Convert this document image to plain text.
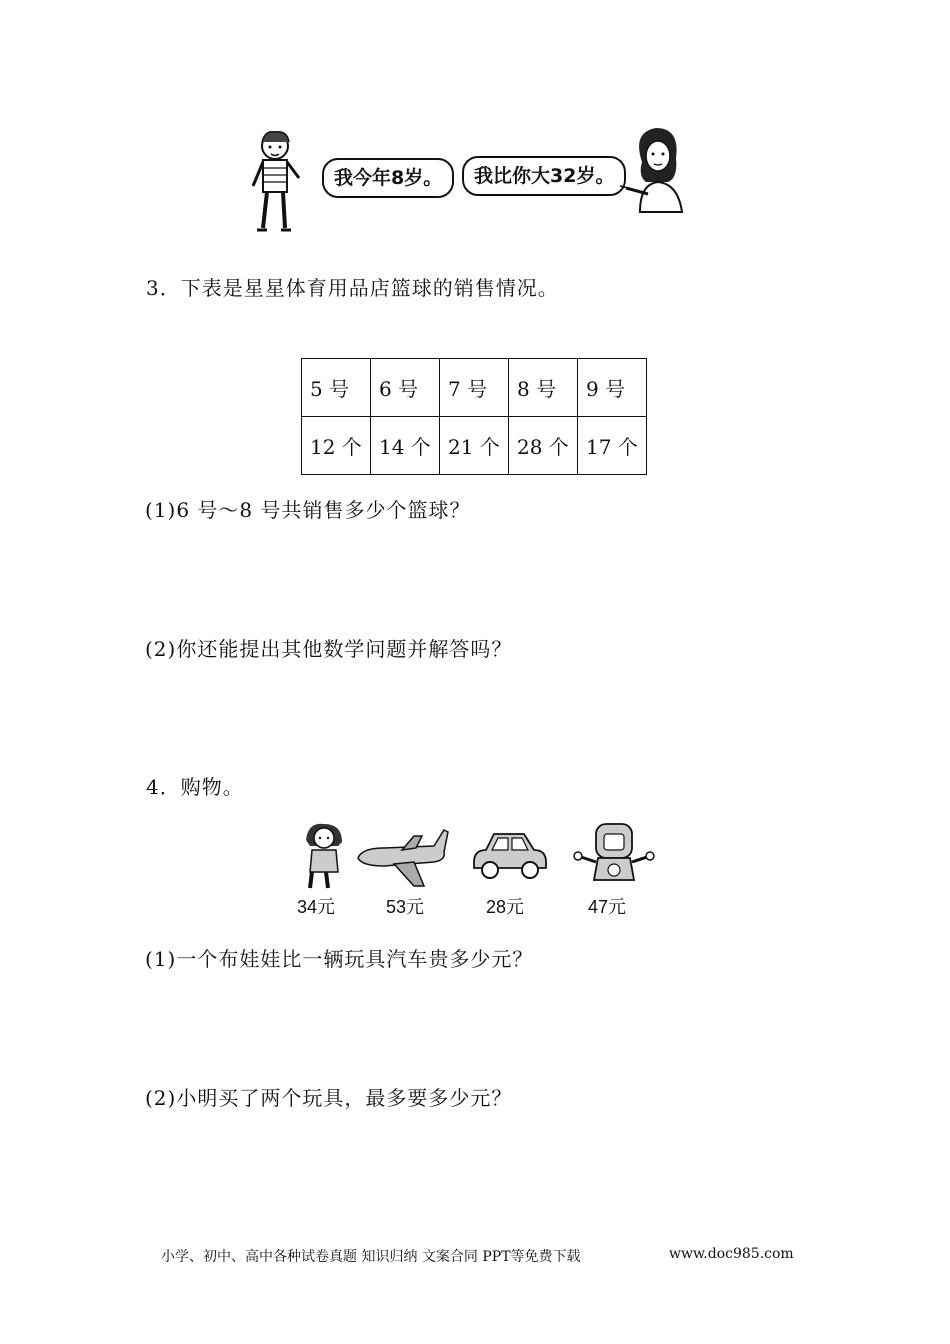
我今年8岁。	我比你大32岁。
3．下表是星星体育用品店篮球的销售情况。
5 号	6 号	7 号	8 号	9 号
12 个	14 个	21 个	28 个	17 个
(1)6 号～8 号共销售多少个篮球？
(2)你还能提出其他数学问题并解答吗？
4．购物。
34元	53元	28元	47元
(1)一个布娃娃比一辆玩具汽车贵多少元？
(2)小明买了两个玩具，最多要多少元？
小学、初中、高中各种试卷真题 知识归纳 文案合同 PPT等免费下载	www.doc985.com
